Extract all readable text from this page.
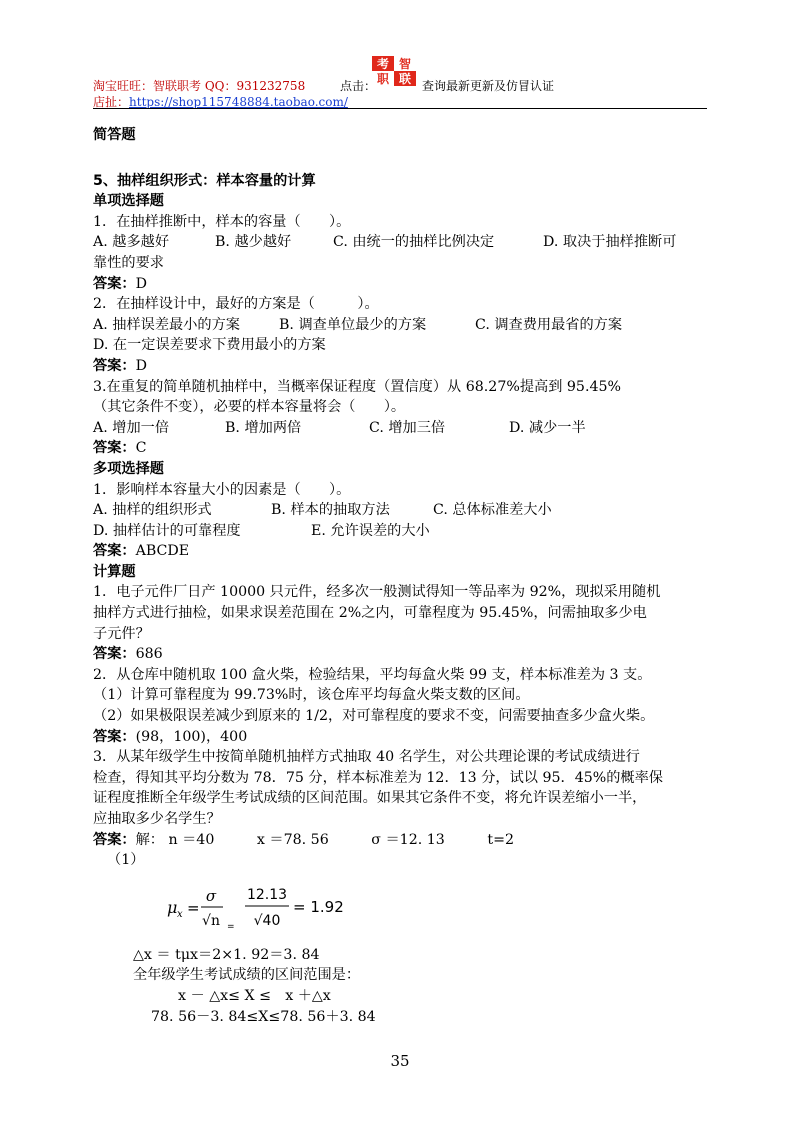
淘宝旺旺：智联职考 QQ：931232758
店扯：https://shop115748884.taobao.com/
点击：
考 智
职 联 查询最新更新及仿冒认证

简答题

5、抽样组织形式：样本容量的计算

单项选择题

1．在抽样推断中，样本的容量（　　）。

A. 越多越好	B. 越少越好	C. 由统一的抽样比例决定	D. 取决于抽样推断可

靠性的要求

答案：D

2．在抽样设计中，最好的方案是（　　　）。

A. 抽样误差最小的方案	B. 调查单位最少的方案	C. 调查费用最省的方案
D. 在一定误差要求下费用最小的方案

答案：D

3.在重复的简单随机抽样中，当概率保证程度（置信度）从 68.27%提高到 95.45%

（其它条件不变），必要的样本容量将会（　　）。

A. 增加一倍	B. 增加两倍	C. 增加三倍	D. 减少一半

答案：C

多项选择题

1．影响样本容量大小的因素是（　　）。

A. 抽样的组织形式	B. 样本的抽取方法	C. 总体标准差大小
D. 抽样估计的可靠程度	E. 允许误差的大小

答案：ABCDE

计算题

1．电子元件厂日产 10000 只元件，经多次一般测试得知一等品率为 92%，现拟采用随机

抽样方式进行抽检，如果求误差范围在 2%之内，可靠程度为 95.45%，问需抽取多少电

子元件？

答案：686

2．从仓库中随机取 100 盒火柴，检验结果，平均每盒火柴 99 支，样本标准差为 3 支。

（1）计算可靠程度为 99.73%时，该仓库平均每盒火柴支数的区间。

（2）如果极限误差减少到原来的 1/2，对可靠程度的要求不变，问需要抽查多少盒火柴。

答案：(98，100)，400

3．从某年级学生中按简单随机抽样方式抽取 40 名学生，对公共理论课的考试成绩进行

检查，得知其平均分数为 78．75 分，样本标准差为 12．13 分，试以 95．45%的概率保

证程度推断全年级学生考试成绩的区间范围。如果其它条件不变，将允许误差缩小一半，

应抽取多少名学生？

答案：解： n ＝40　　　x ＝78. 56　　　σ ＝12. 13　　　t=2

（1）

μ x =
σ
√n =
12.13
√40
= 1.92

△x ＝ tμx＝2×1. 92＝3. 84

全年级学生考试成绩的区间范围是：

x － △x≤ X ≤　x ＋△x

78. 56－3. 84≤X≤78. 56＋3. 84

35
